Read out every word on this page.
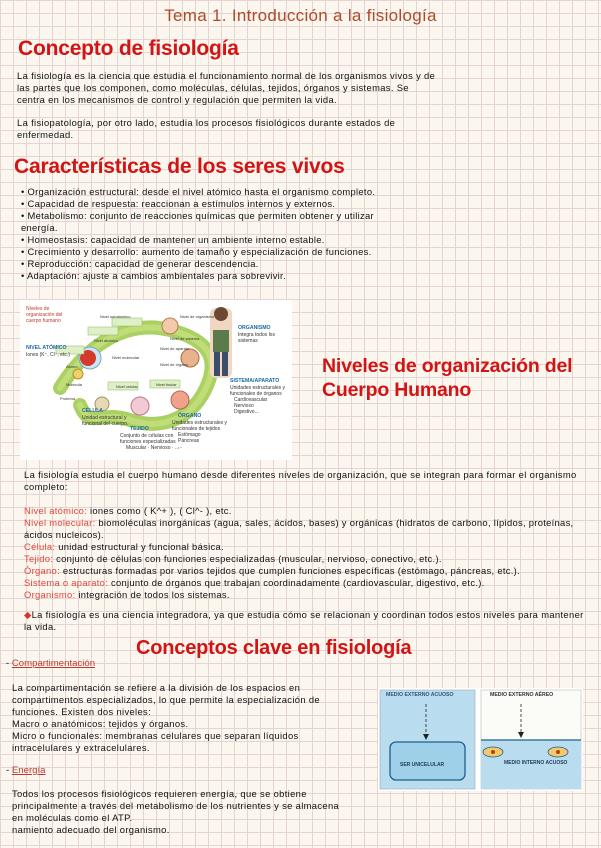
Tema 1. Introducción a la fisiología
Concepto de fisiología
La fisiología es la ciencia que estudia el funcionamiento normal de los organismos vivos y de las partes que los componen, como moléculas, células, tejidos, órganos y sistemas. Se centra en los mecanismos de control y regulación que permiten la vida.
La fisiopatología, por otro lado, estudia los procesos fisiológicos durante estados de enfermedad.
Características de los seres vivos
• Organización estructural: desde el nivel atómico hasta el organismo completo.
• Capacidad de respuesta: reaccionan a estímulos internos y externos.
• Metabolismo: conjunto de reacciones químicas que permiten obtener y utilizar energía.
• Homeostasis: capacidad de mantener un ambiente interno estable.
• Crecimiento y desarrollo: aumento de tamaño y especialización de funciones.
• Reproducción: capacidad de generar descendencia.
• Adaptación: ajuste a cambios ambientales para sobrevivir.
Niveles de organización del cuerpo humano
NIVEL ATÓMICO
Iones (K⁺, Cl⁻, etc.)
ORGANISMO
Integra todos los sistemas
SISTEMA/APARATO
Unidades estructurales y funcionales de órganos
Cardiovascular
Nervioso
Digestivo...
CÉLULA
Unidad estructural y funcional del cuerpo.
TEJIDO
Conjunto de células con funciones especializadas
Muscular · Nervioso · ...
ÓRGANO
Unidades estructurales y funcionales de tejidos
Estómago
Páncreas
...
Nivel subatómico
Nivel atómico
Nivel molecular
Nivel celular	Nivel tisular
Nivel de órgano
Nivel de aparato
Nivel de sistema
Nivel de organismo
Átomo
Molécula
Proteína
Niveles de organización del Cuerpo Humano
La fisiología estudia el cuerpo humano desde diferentes niveles de organización, que se integran para formar el organismo completo:
Nivel atómico: iones como ( K^+ ), ( Cl^- ), etc.
Nivel molecular: biomoléculas inorgánicas (agua, sales, ácidos, bases) y orgánicas (hidratos de carbono, lípidos, proteínas, ácidos nucleicos).
Célula: unidad estructural y funcional básica.
Tejido: conjunto de células con funciones especializadas (muscular, nervioso, conectivo, etc.).
Órgano: estructuras formadas por varios tejidos que cumplen funciones específicas (estómago, páncreas, etc.).
Sistema o aparato: conjunto de órganos que trabajan coordinadamente (cardiovascular, digestivo, etc.).
Organismo: integración de todos los sistemas.
◆La fisiología es una ciencia integradora, ya que estudia cómo se relacionan y coordinan todos estos niveles para mantener la vida.
Conceptos clave en fisiología
- Compartimentación
La compartimentación se refiere a la división de los espacios en compartimentos especializados, lo que permite la especialización de funciones. Existen dos niveles:
Macro o anatómicos: tejidos y órganos.
Micro o funcionales: membranas celulares que separan líquidos intracelulares y extracelulares.
- Energía
Todos los procesos fisiológicos requieren energía, que se obtiene principalmente a través del metabolismo de los nutrientes y se almacena en moléculas como el ATP.
namiento adecuado del organismo.
MEDIO EXTERNO ACUOSO
SER UNICELULAR
MEDIO EXTERNO AÉREO
MEDIO INTERNO ACUOSO
